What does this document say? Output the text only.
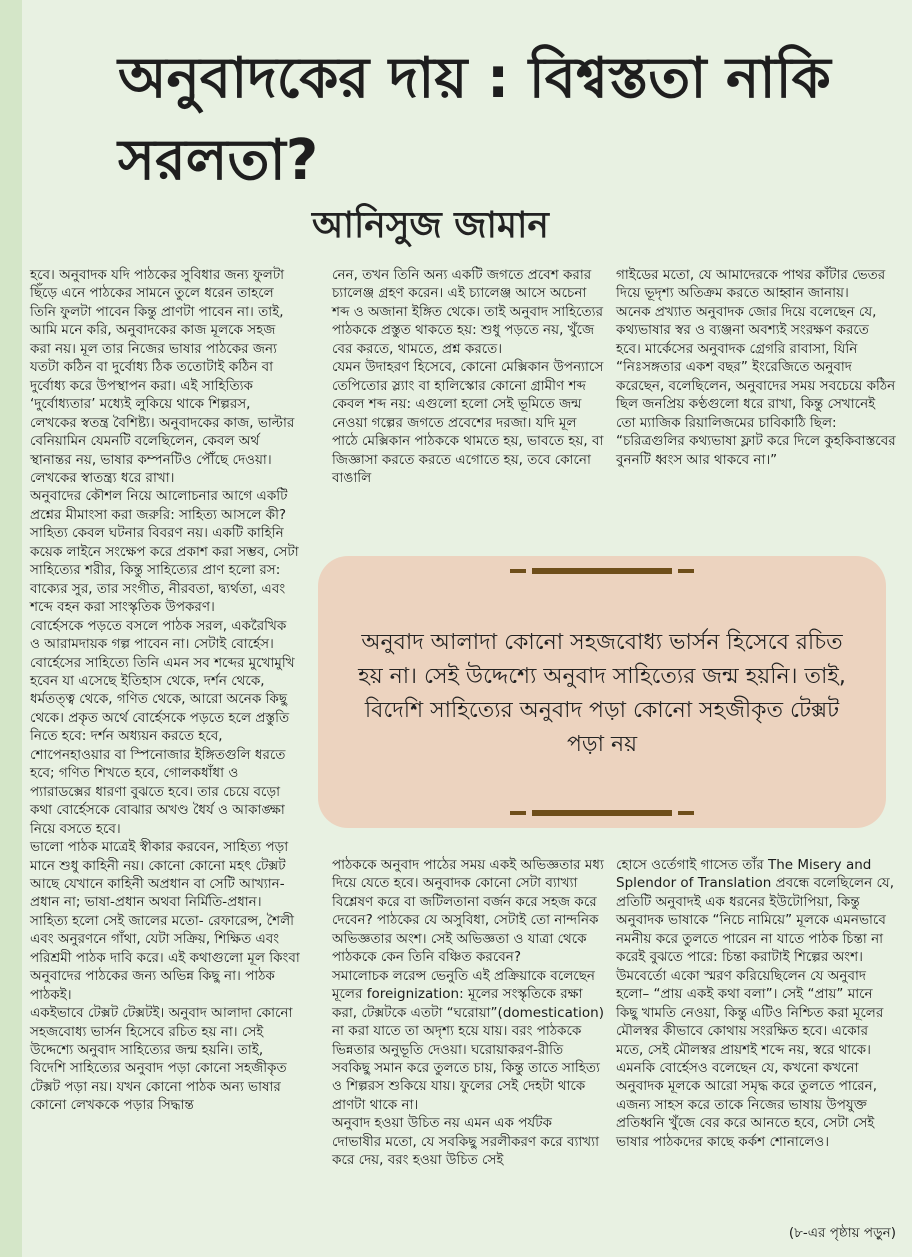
অনুবাদকের দায় : বিশ্বস্ততা নাকি সরলতা?
আনিসুজ জামান

হবে। অনুবাদক যদি পাঠকের সুবিধার জন্য ফুলটা ছিঁড়ে এনে পাঠকের সামনে তুলে ধরেন তাহলে তিনি ফুলটা পাবেন কিন্তু প্রাণটা পাবেন না। তাই, আমি মনে করি, অনুবাদকের কাজ মূলকে সহজ করা নয়। মূল তার নিজের ভাষার পাঠকের জন্য যতটা কঠিন বা দুর্বোধ্য ঠিক ততোটাই কঠিন বা দুর্বোধ্য করে উপস্থাপন করা। এই সাহিত্যিক ‘দুর্বোধ্যতার’ মধ্যেই লুকিয়ে থাকে শিল্পরস, লেখকের স্বতন্ত্র বৈশিষ্ট্য। অনুবাদকের কাজ, ভাল্টার বেনিয়ামিন যেমনটি বলেছিলেন, কেবল অর্থ স্থানান্তর নয়, ভাষার কম্পনটিও পৌঁছে দেওয়া। লেখকের স্বাতন্ত্র্য ধরে রাখা।

অনুবাদের কৌশল নিয়ে আলোচনার আগে একটি প্রশ্নের মীমাংসা করা জরুরি: সাহিত্য আসলে কী? সাহিত্য কেবল ঘটনার বিবরণ নয়। একটি কাহিনি কয়েক লাইনে সংক্ষেপ করে প্রকাশ করা সম্ভব, সেটা সাহিত্যের শরীর, কিন্তু সাহিত্যের প্রাণ হলো রস: বাক্যের সুর, তার সংগীত, নীরবতা, দ্ব্যর্থতা, এবং শব্দে বহন করা সাংস্কৃতিক উপকরণ।

বোর্হেসকে পড়তে বসলে পাঠক সরল, একরৈখিক ও আরামদায়ক গল্প পাবেন না। সেটাই বোর্হেস। বোর্হেসের সাহিত্যে তিনি এমন সব শব্দের মুখোমুখি হবেন যা এসেছে ইতিহাস থেকে, দর্শন থেকে, ধর্মতত্ত্ব থেকে, গণিত থেকে, আরো অনেক কিছু থেকে। প্রকৃত অর্থে বোর্হেসকে পড়তে হলে প্রস্তুতি নিতে হবে: দর্শন অধ্যয়ন করতে হবে, শোপেনহাওয়ার বা স্পিনোজার ইঙ্গিতগুলি ধরতে হবে; গণিত শিখতে হবে, গোলকধাঁধা ও প্যারাডক্সের ধারণা বুঝতে হবে। তার চেয়ে বড়ো কথা বোর্হেসকে বোঝার অখণ্ড ধৈর্য ও আকাঙ্ক্ষা নিয়ে বসতে হবে।

ভালো পাঠক মাত্রেই স্বীকার করবেন, সাহিত্য পড়া মানে শুধু কাহিনী নয়। কোনো কোনো মহৎ টেক্সট আছে যেখানে কাহিনী অপ্রধান বা সেটি আখ্যান-প্রধান না; ভাষা-প্রধান অথবা নির্মিতি-প্রধান। সাহিত্য হলো সেই জালের মতো- রেফারেন্স, শৈলী এবং অনুরণনে গাঁথা, যেটা সক্রিয়, শিক্ষিত এবং পরিশ্রমী পাঠক দাবি করে। এই কথাগুলো মূল কিংবা অনুবাদের পাঠকের জন্য অভিন্ন কিছু না। পাঠক পাঠকই।

একইভাবে টেক্সট টেক্সটই। অনুবাদ আলাদা কোনো সহজবোধ্য ভার্সন হিসেবে রচিত হয় না। সেই উদ্দেশ্যে অনুবাদ সাহিত্যের জন্ম হয়নি। তাই, বিদেশি সাহিত্যের অনুবাদ পড়া কোনো সহজীকৃত টেক্সট পড়া নয়। যখন কোনো পাঠক অন্য ভাষার কোনো লেখককে পড়ার সিদ্ধান্ত

নেন, তখন তিনি অন্য একটি জগতে প্রবেশ করার চ্যালেঞ্জ গ্রহণ করেন। এই চ্যালেঞ্জ আসে অচেনা শব্দ ও অজানা ইঙ্গিত থেকে। তাই অনুবাদ সাহিত্যের পাঠককে প্রস্তুত থাকতে হয়: শুধু পড়তে নয়, খুঁজে বের করতে, থামতে, প্রশ্ন করতে।

যেমন উদাহরণ হিসেবে, কোনো মেক্সিকান উপন্যাসে তেপিতোর স্ল্যাং বা হালিস্কোর কোনো গ্রামীণ শব্দ কেবল শব্দ নয়: এগুলো হলো সেই ভূমিতে জন্ম নেওয়া গল্পের জগতে প্রবেশের দরজা। যদি মূল পাঠে মেক্সিকান পাঠককে থামতে হয়, ভাবতে হয়, বা জিজ্ঞাসা করতে করতে এগোতে হয়, তবে কোনো বাঙালি

গাইডের মতো, যে আমাদেরকে পাথর কাঁটার ভেতর দিয়ে ভূদৃশ্য অতিক্রম করতে আহ্বান জানায়।

অনেক প্রখ্যাত অনুবাদক জোর দিয়ে বলেছেন যে, কথ্যভাষার স্বর ও ব্যঞ্জনা অবশ্যই সংরক্ষণ করতে হবে। মার্কেসের অনুবাদক গ্রেগরি রাবাসা, যিনি “নিঃসঙ্গতার একশ বছর” ইংরেজিতে অনুবাদ করেছেন, বলেছিলেন, অনুবাদের সময় সবচেয়ে কঠিন ছিল জনপ্রিয় কণ্ঠগুলো ধরে রাখা, কিন্তু সেখানেই তো ম্যাজিক রিয়ালিজমের চাবিকাঠি ছিল: “চরিত্রগুলির কথ্যভাষা ফ্লাট করে দিলে কুহকিবাস্তবের বুননটি ধ্বংস আর থাকবে না।”

অনুবাদ আলাদা কোনো সহজবোধ্য ভার্সন হিসেবে রচিত হয় না। সেই উদ্দেশ্যে অনুবাদ সাহিত্যের জন্ম হয়নি। তাই, বিদেশি সাহিত্যের অনুবাদ পড়া কোনো সহজীকৃত টেক্সট পড়া নয়

পাঠককে অনুবাদ পাঠের সময় একই অভিজ্ঞতার মধ্য দিয়ে যেতে হবে। অনুবাদক কোনো সেটা ব্যাখ্যা বিশ্লেষণ করে বা জটিলতানা বর্জন করে সহজ করে দেবেন? পাঠকের যে অসুবিধা, সেটাই তো নান্দনিক অভিজ্ঞতার অংশ। সেই অভিজ্ঞতা ও যাত্রা থেকে পাঠককে কেন তিনি বঞ্চিত করবেন?

সমালোচক লরেন্স ভেনুতি এই প্রক্রিয়াকে বলেছেন মূলের foreignization: মূলের সংস্কৃতিকে রক্ষা করা, টেক্সটকে এতটা “ঘরোয়া”(domestication) না করা যাতে তা অদৃশ্য হয়ে যায়। বরং পাঠককে ভিন্নতার অনুভূতি দেওয়া। ঘরোয়াকরণ-রীতি সবকিছু সমান করে তুলতে চায়, কিন্তু তাতে সাহিত্য ও শিল্পরস শুকিয়ে যায়। ফুলের সেই দেহটা থাকে প্রাণটা থাকে না।

অনুবাদ হওয়া উচিত নয় এমন এক পর্যটক দোভাষীর মতো, যে সবকিছু সরলীকরণ করে ব্যাখ্যা করে দেয়, বরং হওয়া উচিত সেই

হোসে ওর্তেগাই গাসেত তাঁর The Misery and Splendor of Translation প্রবন্ধে বলেছিলেন যে, প্রতিটি অনুবাদই এক ধরনের ইউটোপিয়া, কিন্তু অনুবাদক ভাষাকে “নিচে নামিয়ে” মূলকে এমনভাবে নমনীয় করে তুলতে পারেন না যাতে পাঠক চিন্তা না করেই বুঝতে পারে: চিন্তা করাটাই শিল্পের অংশ।

উমবের্তো একো স্মরণ করিয়েছিলেন যে অনুবাদ হলো– “প্রায় একই কথা বলা”। সেই “প্রায়” মানে কিছু খামতি নেওয়া, কিন্তু এটিও নিশ্চিত করা মূলের মৌলস্বর কীভাবে কোথায় সংরক্ষিত হবে। একোর মতে, সেই মৌলস্বর প্রায়শই শব্দে নয়, স্বরে থাকে।

এমনকি বোর্হেসও বলেছেন যে, কখনো কখনো অনুবাদক মূলকে আরো সমৃদ্ধ করে তুলতে পারেন, এজন্য সাহস করে তাকে নিজের ভাষায় উপযুক্ত প্রতিধ্বনি খুঁজে বের করে আনতে হবে, সেটা সেই ভাষার পাঠকদের কাছে কর্কশ শোনালেও।

(৮-এর পৃষ্ঠায় পড়ুন)
